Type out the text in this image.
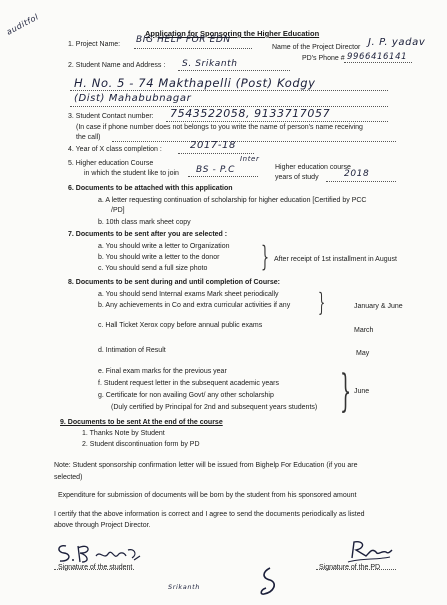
auditfol	Application for Sponsoring the Higher Education
1. Project Name: BIG HELP FOR EDN
Name of the Project Director J. P. yadav
PD's Phone # 9966416141
2. Student Name and Address : S. Srikanth
H. No. 5 - 74 Makthapelli (Post) Kodgy
(Dist) Mahabubnagar
3. Student Contact number: 7543522058, 9133717057
(In case if phone number does not belongs to you write the name of person's name receiving
the call)
4. Year of X class completion :	2017-18
5. Higher education Course
in which the student like to join
Inter
BS - P.C	Higher education course
years of study	2018
6. Documents to be attached with this application
a. A letter requesting continuation of scholarship for higher education [Certified by PCC
/PD]
b. 10th class mark sheet copy
7. Documents to be sent after you are selected :
a. You should write a letter to Organization
b. You should write a letter to the donor
c. You should send a full size photo } After receipt of 1st installment in August
8. Documents to be sent during and until completion of Course:
a. You should send Internal exams Mark sheet periodically
b. Any achievements in Co and extra curricular activities if any }	January & June
c. Hall Ticket Xerox copy before annual public exams
March
d. Intimation of Result	May
e. Final exam marks for the previous year
f. Student request letter in the subsequent academic years
g. Certificate for non availing Govt/ any other scholarship
(Duly certified by Principal for 2nd and subsequent years students) } June
9. Documents to be sent At the end of the course
1. Thanks Note by Student
2. Student discontinuation form by PD
Note: Student sponsorship confirmation letter will be issued from Bighelp For Education (if you are
selected)
Expenditure for submission of documents will be born by the student from his sponsored amount
I certify that the above information is correct and I agree to send the documents periodically as listed
above through Project Director.
Signature of the student
Srikanth
Signature of the PD
